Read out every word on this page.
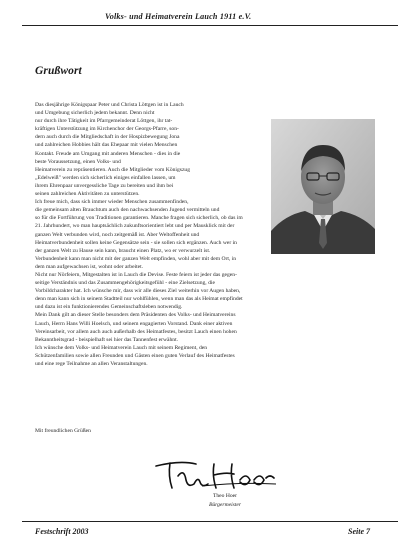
Volks- und Heimatverein Lauch 1911 e.V.
Grußwort
Das diesjährige Königspaar Peter und Christa Löttgen ist in Lauch
und Umgebung sicherlich jedem bekannt. Denn nicht
nur durch ihre Tätigkeit im Pfarrgemeinderat Löttgen, ihr tat-
kräftigen Unterstützung im Kirchenchor der Georgs-Pfarre, son-
dern auch durch die Mitgliedschaft in der Hospizbewegung Jona
und zahlreichen Hobbies hält das Ehepaar mit vielen Menschen
Kontakt. Freude am Umgang mit anderen Menschen - dies in die
beste Voraussetzung, einen Volks- und
Heimatverein zu repräsentieren. Auch die Mitglieder vom Königszug
„Edelweiß" werden sich sicherlich einiges einfallen lassen, um
ihrem Ehrenpaar unvergessliche Tage zu bereiten und ihm bei
seinen zahlreichen Aktivitäten zu unterstützen.
Ich freue mich, dass sich immer wieder Menschen zusammenfinden,
die gemeinsam alten Brauchtum auch den nachwachsenden Jugend vermitteln und
so für die Fortführung von Traditionen garantieren. Manche fragen sich sicherlich, ob das im
21. Jahrhundert, wo man hauptsächlich zukunftsorientiert lebt und per Mausklick mit der
ganzen Welt verbunden wird, noch zeitgemäß ist. Aber Weltoffenheit und
Heimatverbundenheit sollen keine Gegensätze sein - sie sollen sich ergänzen. Auch wer in
der ganzen Welt zu Hause sein kann, braucht einen Platz, wo er verwurzelt ist.
Verbundenheit kann man nicht mit der ganzen Welt empfinden, wohl aber mit dem Ort, in
dem man aufgewachsen ist, wohnt oder arbeitet.
Nicht nur Nörfeiern, Mitgestalten ist in Lauch die Devise. Feste feiern ist jeder das gegen-
seitige Verständnis und das Zusammengehörigkeitsgefühl - eine Zielsetzung, die
Vorbildcharakter hat. Ich wünsche mir, dass wir alle dieses Ziel weiterhin vor Augen haben,
denn man kann sich in seinem Stadtteil nur wohlfühlen, wenn man das als Heimat empfindet
und dazu ist ein funktionierendes Gemeinschaftsleben notwendig.
Mein Dank gilt an dieser Stelle besonders dem Präsidenten des Volks- und Heimatvereins
Lauch, Herrn Hans Willi Hoelsch, und seinem engagierten Vorstand. Dank einer aktiven
Vereinsarbeit, vor allem auch auch außerhalb des Heimatfestes, besitzt Lauch einen hohen
Bekanntheitsgrad - beispielhaft sei hier das Tannenfest erwähnt.
Ich wünsche dem Volks- und Heimatverein Lauch mit seinem Regiment, den
Schützenfamilien sowie allen Freunden und Gästen einen guten Verlauf des Heimatfestes
und eine rege Teilnahme an allen Veranstaltungen.
Mit freundlichen Grüßen
Theo Hoer
Bürgermeister
Festschrift 2003	Seite 7
